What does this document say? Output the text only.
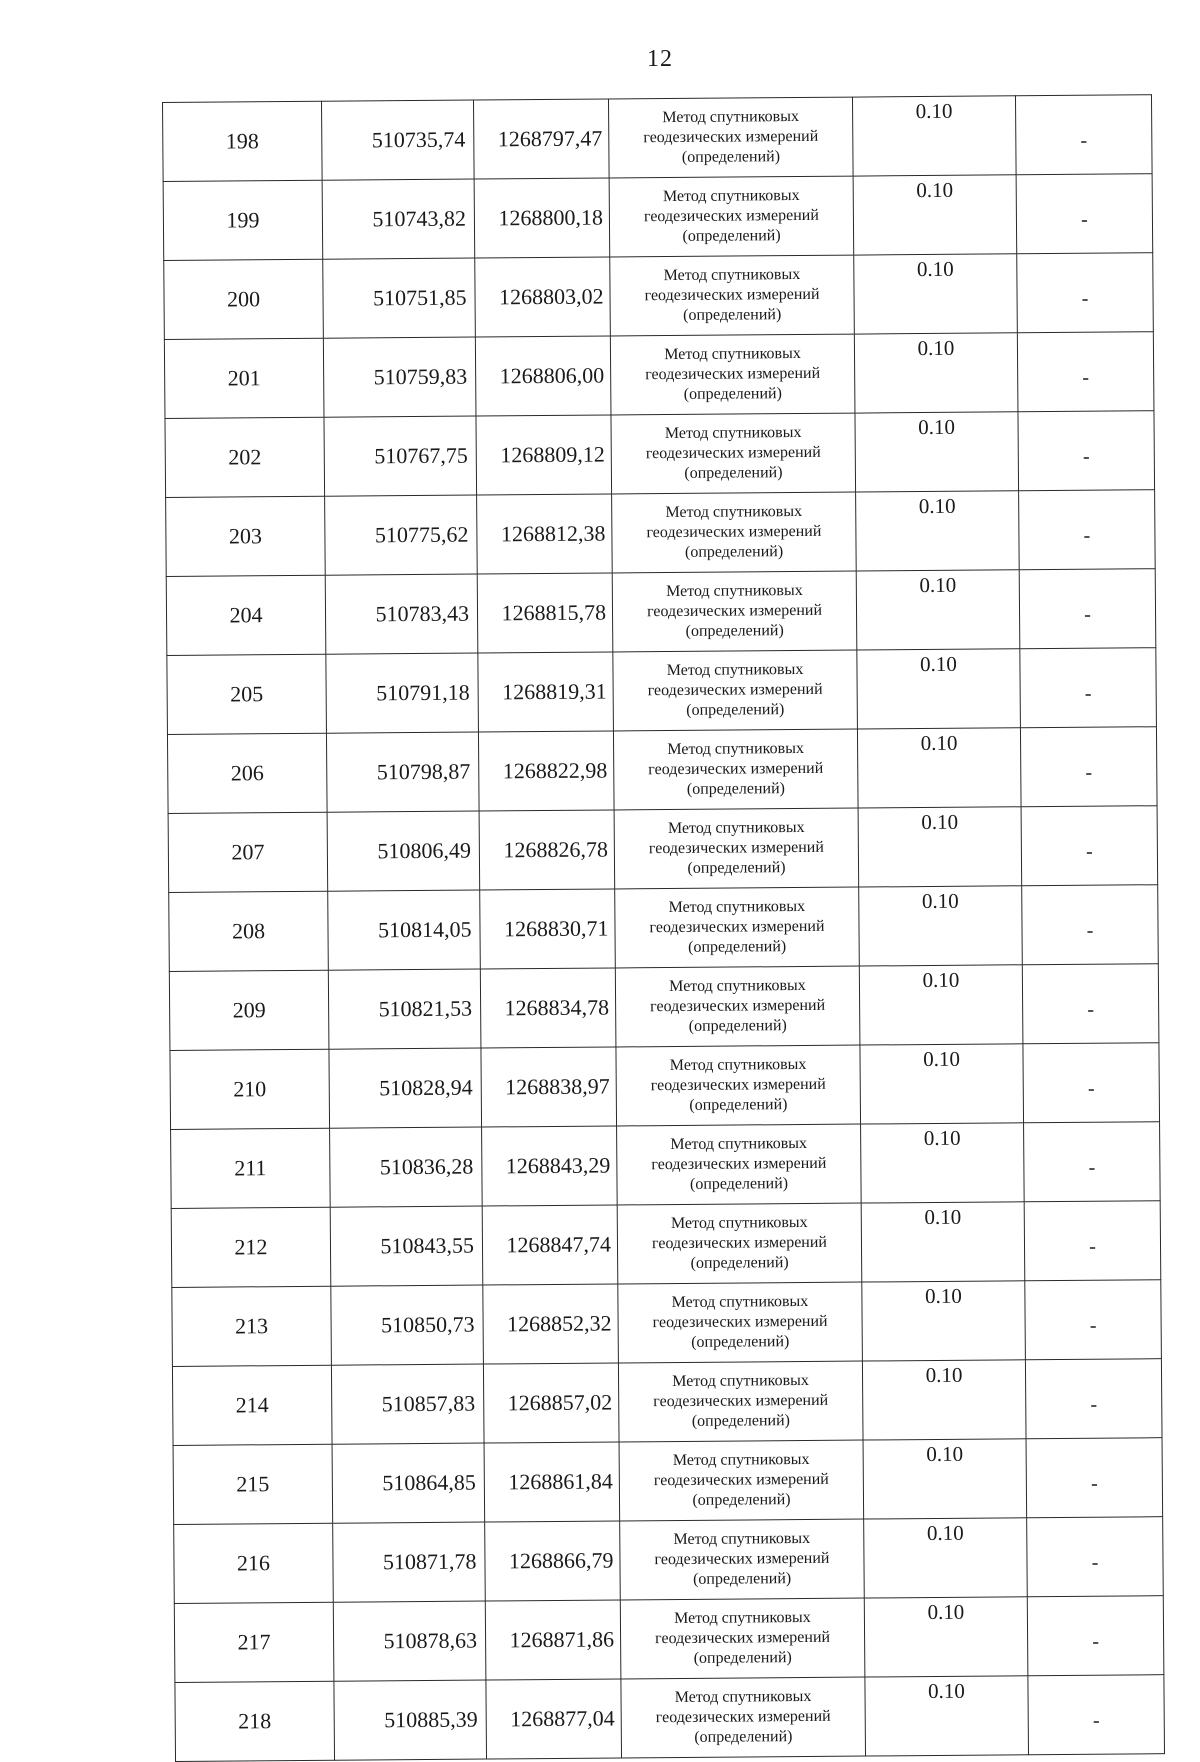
12
198	510735,74	1268797,47	Метод спутниковых
геодезических измерений
(определений)	0.10	-
199	510743,82	1268800,18	Метод спутниковых
геодезических измерений
(определений)	0.10	-
200	510751,85	1268803,02	Метод спутниковых
геодезических измерений
(определений)	0.10	-
201	510759,83	1268806,00	Метод спутниковых
геодезических измерений
(определений)	0.10	-
202	510767,75	1268809,12	Метод спутниковых
геодезических измерений
(определений)	0.10	-
203	510775,62	1268812,38	Метод спутниковых
геодезических измерений
(определений)	0.10	-
204	510783,43	1268815,78	Метод спутниковых
геодезических измерений
(определений)	0.10	-
205	510791,18	1268819,31	Метод спутниковых
геодезических измерений
(определений)	0.10	-
206	510798,87	1268822,98	Метод спутниковых
геодезических измерений
(определений)	0.10	-
207	510806,49	1268826,78	Метод спутниковых
геодезических измерений
(определений)	0.10	-
208	510814,05	1268830,71	Метод спутниковых
геодезических измерений
(определений)	0.10	-
209	510821,53	1268834,78	Метод спутниковых
геодезических измерений
(определений)	0.10	-
210	510828,94	1268838,97	Метод спутниковых
геодезических измерений
(определений)	0.10	-
211	510836,28	1268843,29	Метод спутниковых
геодезических измерений
(определений)	0.10	-
212	510843,55	1268847,74	Метод спутниковых
геодезических измерений
(определений)	0.10	-
213	510850,73	1268852,32	Метод спутниковых
геодезических измерений
(определений)	0.10	-
214	510857,83	1268857,02	Метод спутниковых
геодезических измерений
(определений)	0.10	-
215	510864,85	1268861,84	Метод спутниковых
геодезических измерений
(определений)	0.10	-
216	510871,78	1268866,79	Метод спутниковых
геодезических измерений
(определений)	0.10	-
217	510878,63	1268871,86	Метод спутниковых
геодезических измерений
(определений)	0.10	-
218	510885,39	1268877,04	Метод спутниковых
геодезических измерений
(определений)	0.10	-
